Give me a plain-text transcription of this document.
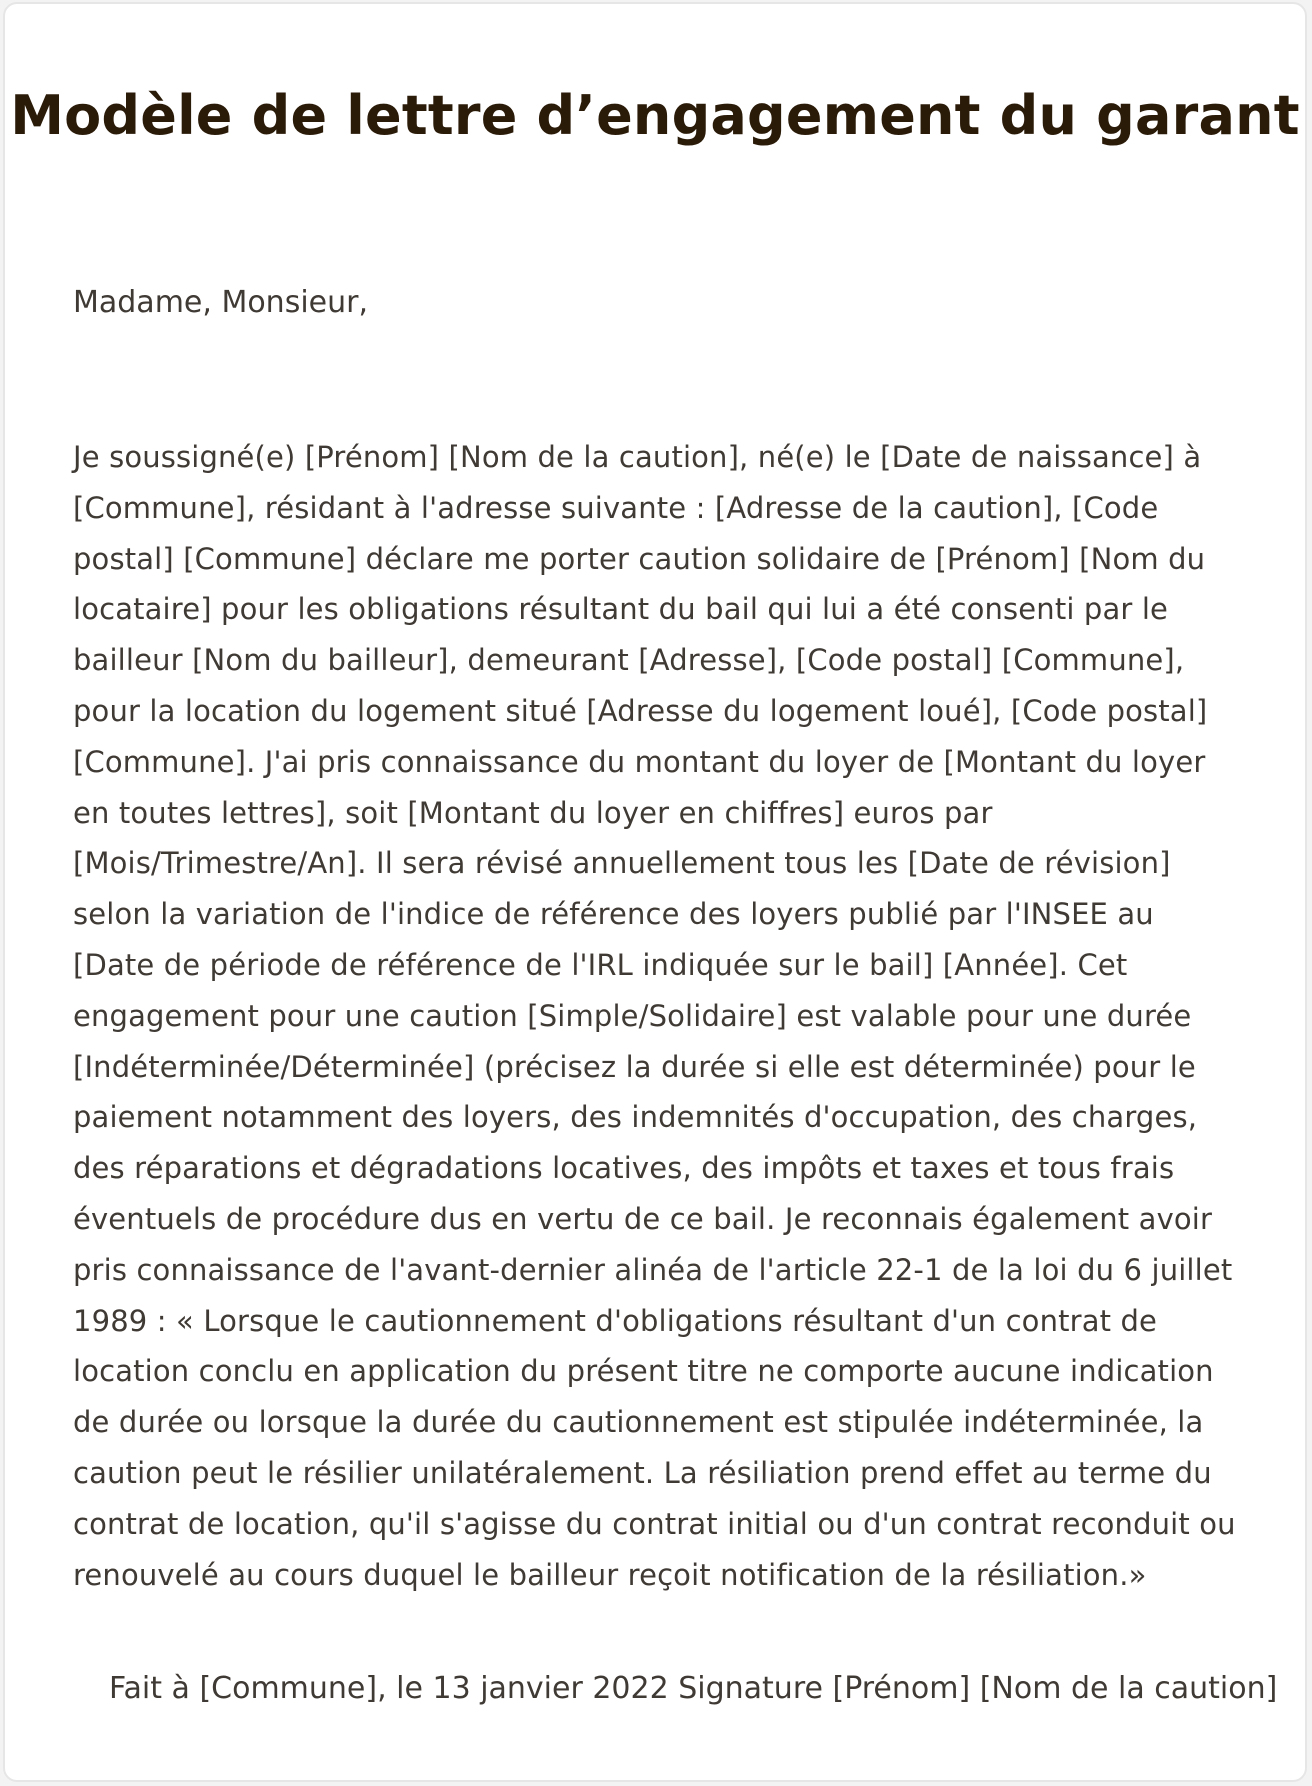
Modèle de lettre d’engagement du garant

Madame, Monsieur,

Je soussigné(e) [Prénom] [Nom de la caution], né(e) le [Date de naissance] à [Commune], résidant à l'adresse suivante : [Adresse de la caution], [Code postal] [Commune] déclare me porter caution solidaire de [Prénom] [Nom du locataire] pour les obligations résultant du bail qui lui a été consenti par le bailleur [Nom du bailleur], demeurant [Adresse], [Code postal] [Commune], pour la location du logement situé [Adresse du logement loué], [Code postal] [Commune]. J'ai pris connaissance du montant du loyer de [Montant du loyer en toutes lettres], soit [Montant du loyer en chiffres] euros par [Mois/Trimestre/An]. Il sera révisé annuellement tous les [Date de révision] selon la variation de l'indice de référence des loyers publié par l'INSEE au [Date de période de référence de l'IRL indiquée sur le bail] [Année]. Cet engagement pour une caution [Simple/Solidaire] est valable pour une durée [Indéterminée/Déterminée] (précisez la durée si elle est déterminée) pour le paiement notamment des loyers, des indemnités d'occupation, des charges, des réparations et dégradations locatives, des impôts et taxes et tous frais éventuels de procédure dus en vertu de ce bail. Je reconnais également avoir pris connaissance de l'avant-dernier alinéa de l'article 22-1 de la loi du 6 juillet 1989 : « Lorsque le cautionnement d'obligations résultant d'un contrat de location conclu en application du présent titre ne comporte aucune indication de durée ou lorsque la durée du cautionnement est stipulée indéterminée, la caution peut le résilier unilatéralement. La résiliation prend effet au terme du contrat de location, qu'il s'agisse du contrat initial ou d'un contrat reconduit ou renouvelé au cours duquel le bailleur reçoit notification de la résiliation.»

Fait à [Commune], le 13 janvier 2022 Signature [Prénom] [Nom de la caution]
